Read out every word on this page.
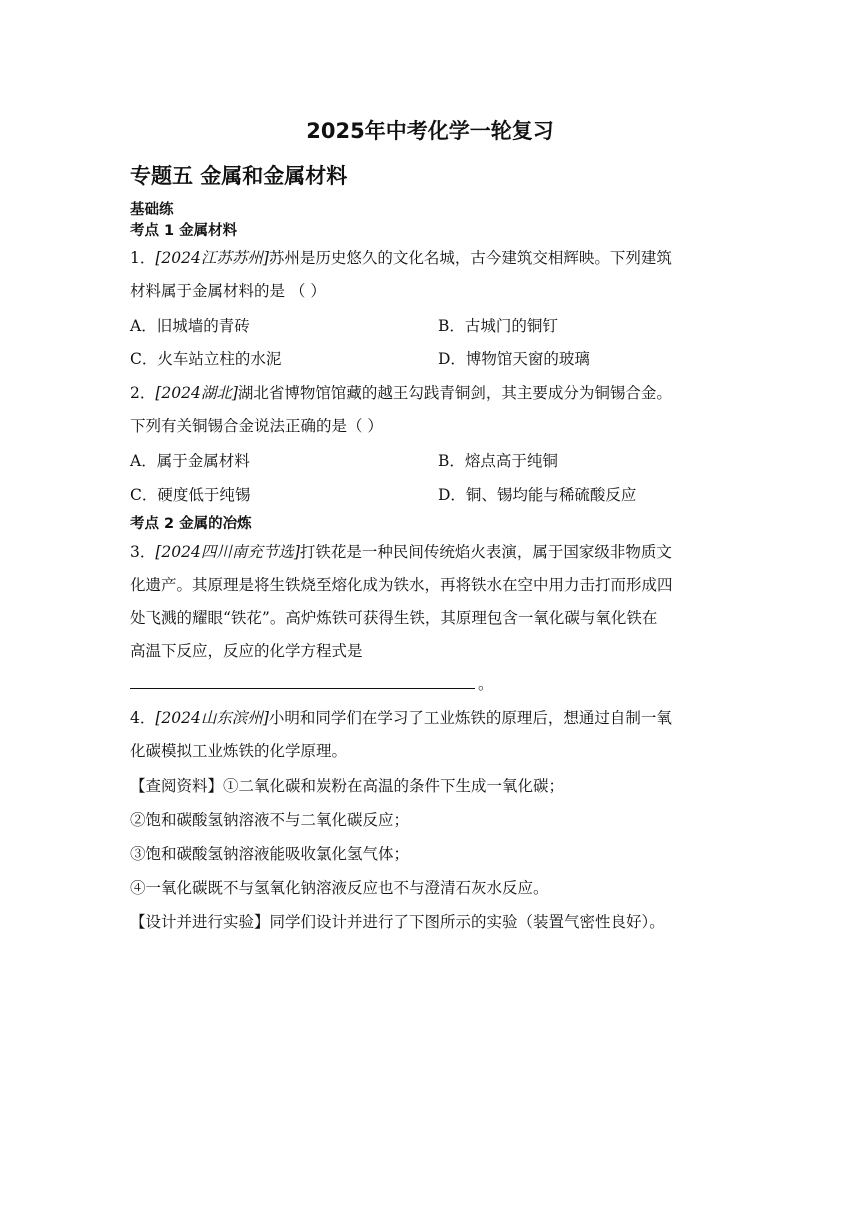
2025年中考化学一轮复习
专题五 金属和金属材料
基础练
考点 1 金属材料
1．[2024江苏苏州]苏州是历史悠久的文化名城，古今建筑交相辉映。下列建筑
材料属于金属材料的是 （ ）
A．旧城墙的青砖	B．古城门的铜钉
C．火车站立柱的水泥	D．博物馆天窗的玻璃
2．[2024湖北]湖北省博物馆馆藏的越王勾践青铜剑，其主要成分为铜锡合金。
下列有关铜锡合金说法正确的是（ ）
A．属于金属材料	B．熔点高于纯铜
C．硬度低于纯锡	D．铜、锡均能与稀硫酸反应
考点 2 金属的冶炼
3．[2024四川南充节选]打铁花是一种民间传统焰火表演，属于国家级非物质文
化遗产。其原理是将生铁烧至熔化成为铁水，再将铁水在空中用力击打而形成四
处飞溅的耀眼“铁花”。高炉炼铁可获得生铁，其原理包含一氧化碳与氧化铁在
高温下反应，反应的化学方程式是
。
4．[2024山东滨州]小明和同学们在学习了工业炼铁的原理后，想通过自制一氧
化碳模拟工业炼铁的化学原理。
【查阅资料】①二氧化碳和炭粉在高温的条件下生成一氧化碳；
②饱和碳酸氢钠溶液不与二氧化碳反应；
③饱和碳酸氢钠溶液能吸收氯化氢气体；
④一氧化碳既不与氢氧化钠溶液反应也不与澄清石灰水反应。
【设计并进行实验】同学们设计并进行了下图所示的实验（装置气密性良好）。
